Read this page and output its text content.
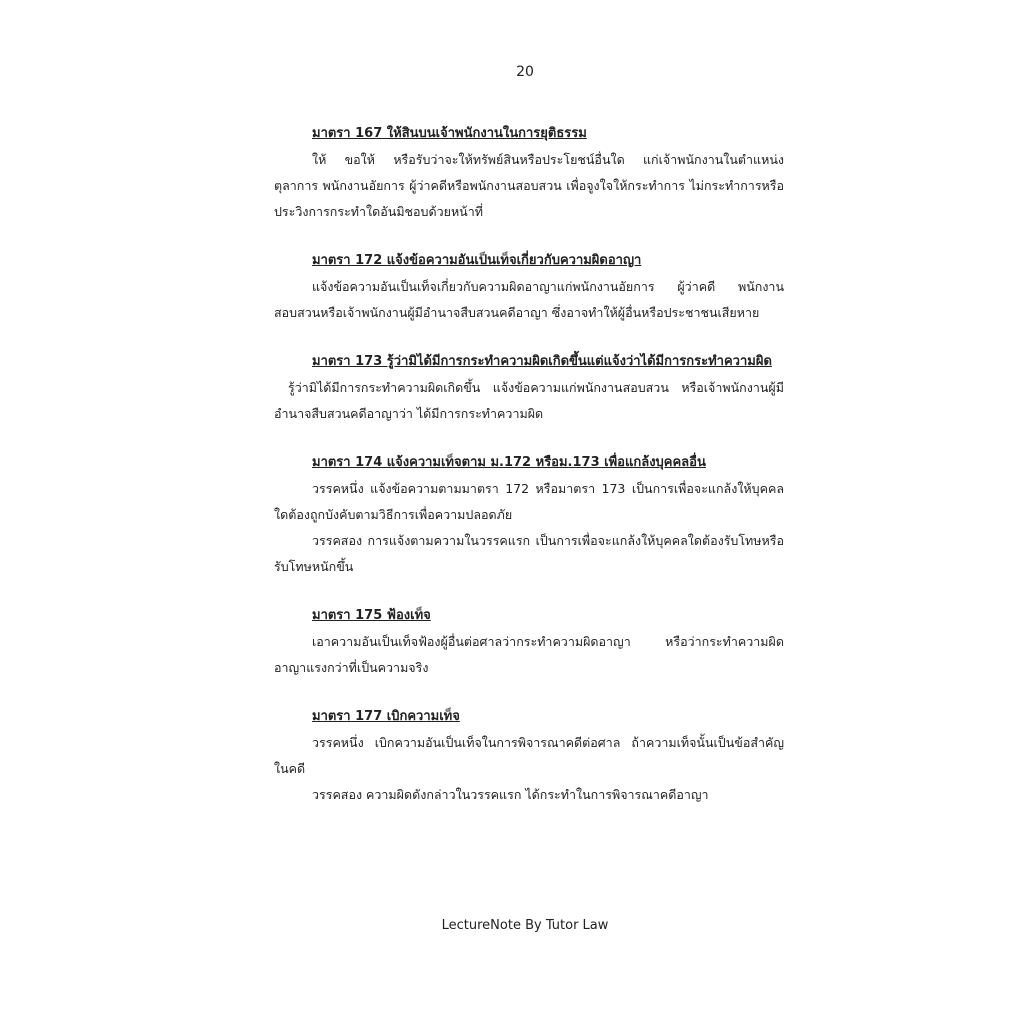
20
มาตรา 167 ให้สินบนเจ้าพนักงานในการยุติธรรม

ให้ ขอให้ หรือรับว่าจะให้ทรัพย์สินหรือประโยชน์อื่นใด แก่เจ้าพนักงานในตำแหน่งตุลาการ พนักงานอัยการ ผู้ว่าคดีหรือพนักงานสอบสวน เพื่อจูงใจให้กระทำการ ไม่กระทำการหรือประวิงการกระทำใดอันมิชอบด้วยหน้าที่

มาตรา 172 แจ้งข้อความอันเป็นเท็จเกี่ยวกับความผิดอาญา

แจ้งข้อความอันเป็นเท็จเกี่ยวกับความผิดอาญาแก่พนักงานอัยการ ผู้ว่าคดี พนักงานสอบสวนหรือเจ้าพนักงานผู้มีอำนาจสืบสวนคดีอาญา ซึ่งอาจทำให้ผู้อื่นหรือประชาชนเสียหาย

มาตรา 173 รู้ว่ามิได้มีการกระทำความผิดเกิดขึ้นแต่แจ้งว่าได้มีการกระทำความผิด

รู้ว่ามิได้มีการกระทำความผิดเกิดขึ้น แจ้งข้อความแก่พนักงานสอบสวน หรือเจ้าพนักงานผู้มีอำนาจสืบสวนคดีอาญาว่า ได้มีการกระทำความผิด

มาตรา 174 แจ้งความเท็จตาม ม.172 หรือม.173 เพื่อแกล้งบุคคลอื่น

วรรคหนึ่ง แจ้งข้อความตามมาตรา 172 หรือมาตรา 173 เป็นการเพื่อจะแกล้งให้บุคคลใดต้องถูกบังคับตามวิธีการเพื่อความปลอดภัย

วรรคสอง การแจ้งตามความในวรรคแรก เป็นการเพื่อจะแกล้งให้บุคคลใดต้องรับโทษหรือรับโทษหนักขึ้น

มาตรา 175 ฟ้องเท็จ

เอาความอันเป็นเท็จฟ้องผู้อื่นต่อศาลว่ากระทำความผิดอาญา หรือว่ากระทำความผิดอาญาแรงกว่าที่เป็นความจริง

มาตรา 177 เบิกความเท็จ

วรรคหนึ่ง เบิกความอันเป็นเท็จในการพิจารณาคดีต่อศาล ถ้าความเท็จนั้นเป็นข้อสำคัญในคดี

วรรคสอง ความผิดดังกล่าวในวรรคแรก ได้กระทำในการพิจารณาคดีอาญา

LectureNote By Tutor Law
